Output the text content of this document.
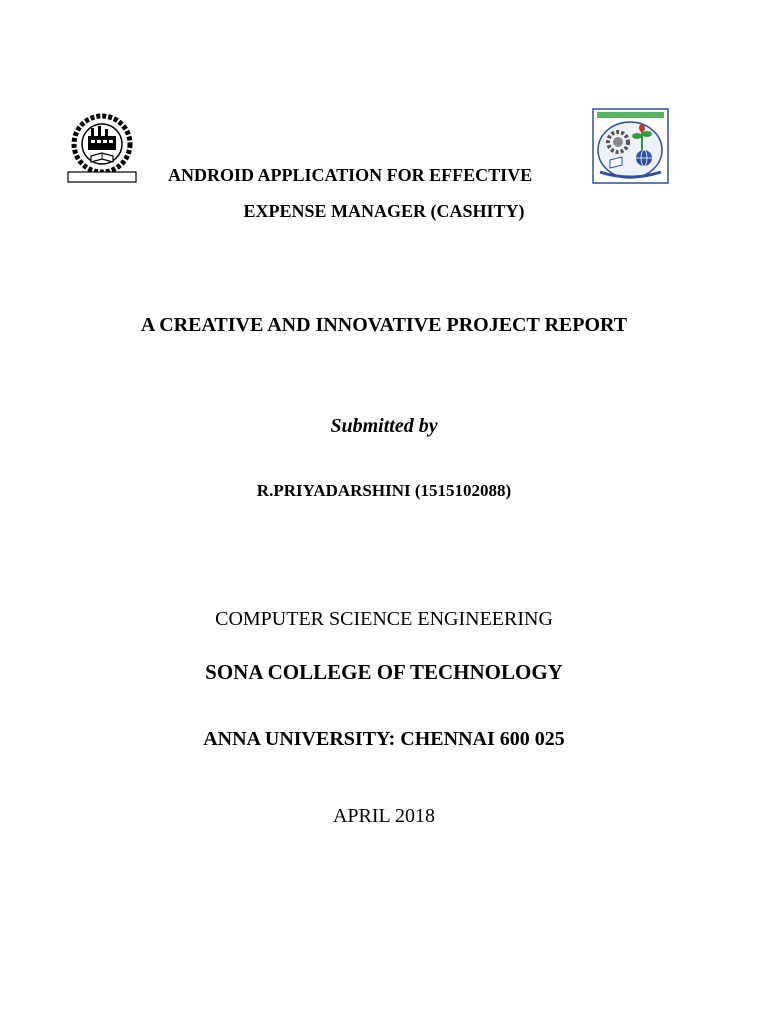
ANDROID APPLICATION FOR EFFECTIVE
EXPENSE MANAGER (CASHITY)
A CREATIVE AND INNOVATIVE PROJECT REPORT
Submitted by
R.PRIYADARSHINI (1515102088)
COMPUTER SCIENCE ENGINEERING
SONA COLLEGE OF TECHNOLOGY
ANNA UNIVERSITY: CHENNAI 600 025
APRIL 2018
